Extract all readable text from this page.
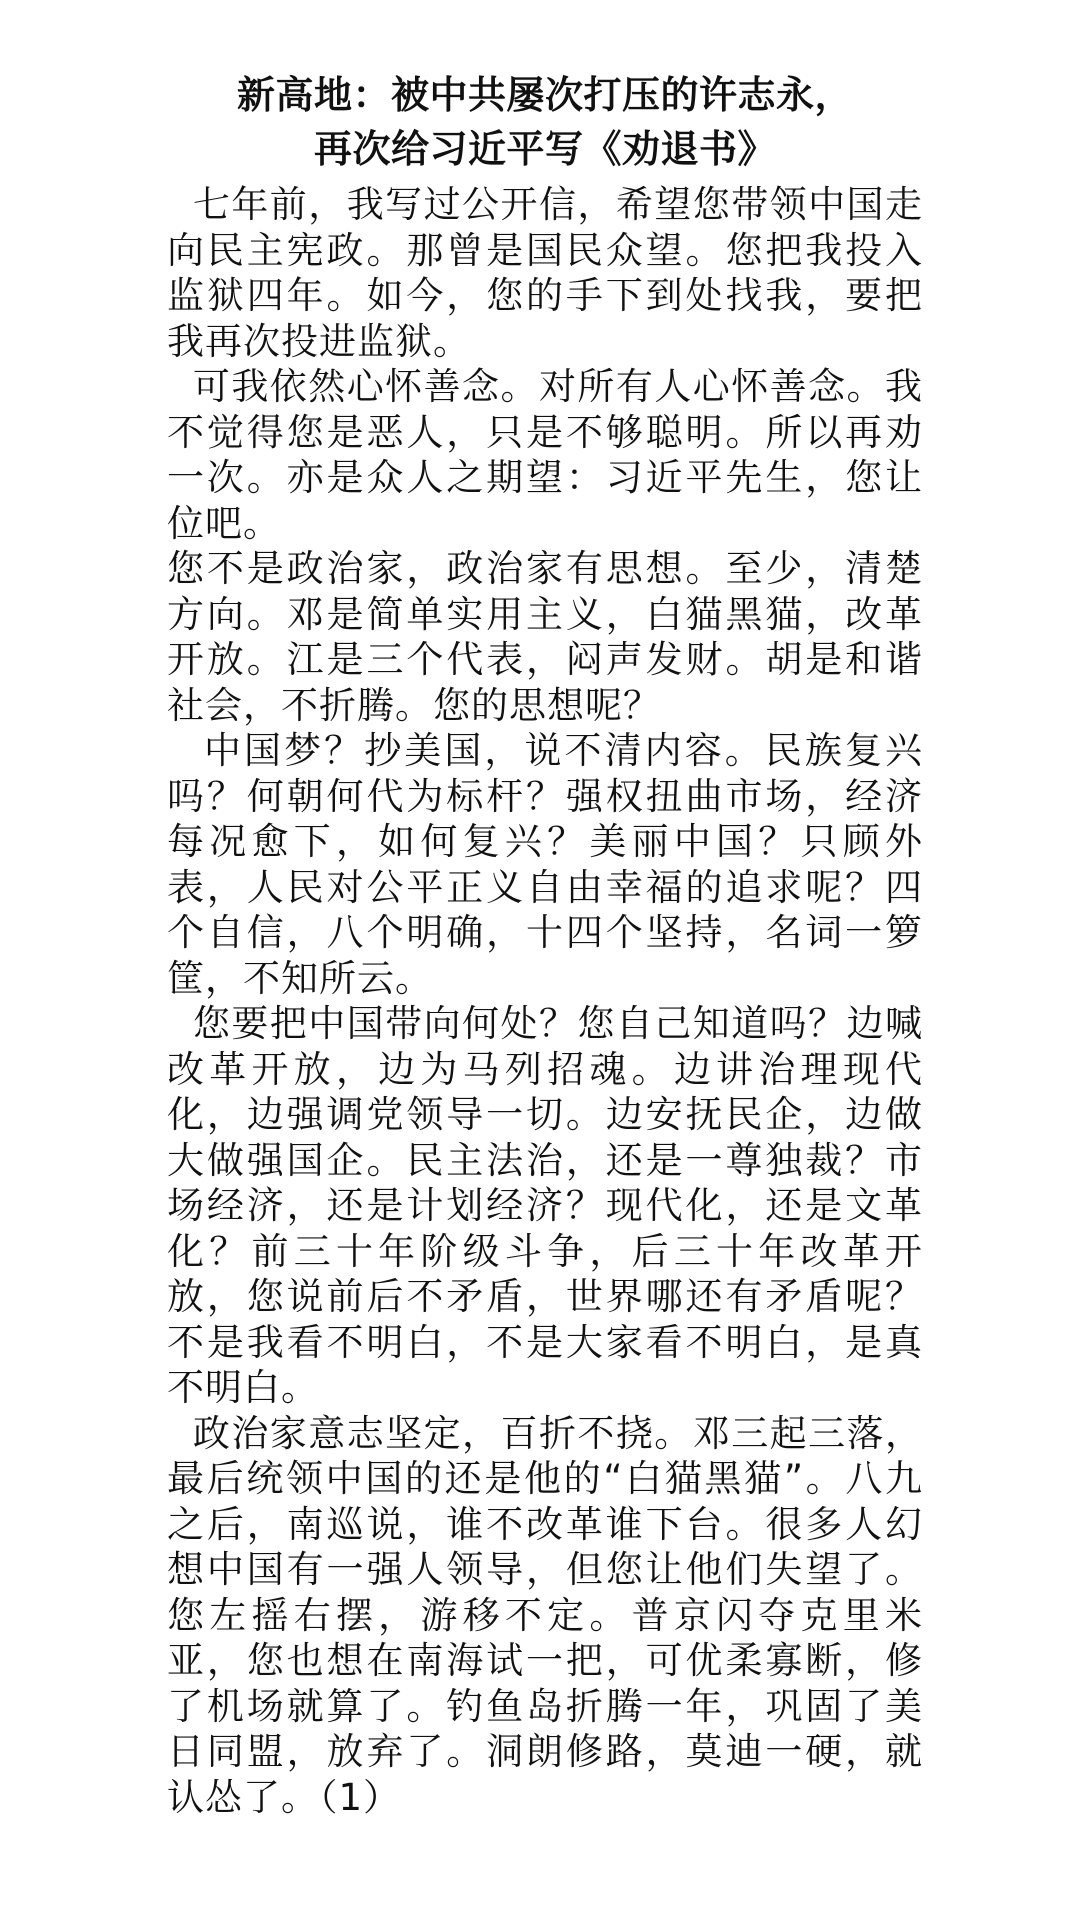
新高地：被中共屡次打压的许志永，
再次给习近平写《劝退书》

七年前，我写过公开信，希望您带领中国走向民主宪政。那曾是国民众望。您把我投入监狱四年。如今，您的手下到处找我，要把我再次投进监狱。

可我依然心怀善念。对所有人心怀善念。我不觉得您是恶人，只是不够聪明。所以再劝一次。亦是众人之期望：习近平先生，您让位吧。

您不是政治家，政治家有思想。至少，清楚方向。邓是简单实用主义，白猫黑猫，改革开放。江是三个代表，闷声发财。胡是和谐社会，不折腾。您的思想呢？

中国梦？抄美国，说不清内容。民族复兴吗？何朝何代为标杆？强权扭曲市场，经济每况愈下，如何复兴？美丽中国？只顾外表，人民对公平正义自由幸福的追求呢？四个自信，八个明确，十四个坚持，名词一箩筐，不知所云。

您要把中国带向何处？您自己知道吗？边喊改革开放，边为马列招魂。边讲治理现代化，边强调党领导一切。边安抚民企，边做大做强国企。民主法治，还是一尊独裁？市场经济，还是计划经济？现代化，还是文革化？前三十年阶级斗争，后三十年改革开放，您说前后不矛盾，世界哪还有矛盾呢？不是我看不明白，不是大家看不明白，是真不明白。

政治家意志坚定，百折不挠。邓三起三落，最后统领中国的还是他的“白猫黑猫”。八九之后，南巡说，谁不改革谁下台。很多人幻想中国有一强人领导，但您让他们失望了。您左摇右摆，游移不定。普京闪夺克里米亚，您也想在南海试一把，可优柔寡断，修了机场就算了。钓鱼岛折腾一年，巩固了美日同盟，放弃了。洞朗修路，莫迪一硬，就认怂了。（1）
